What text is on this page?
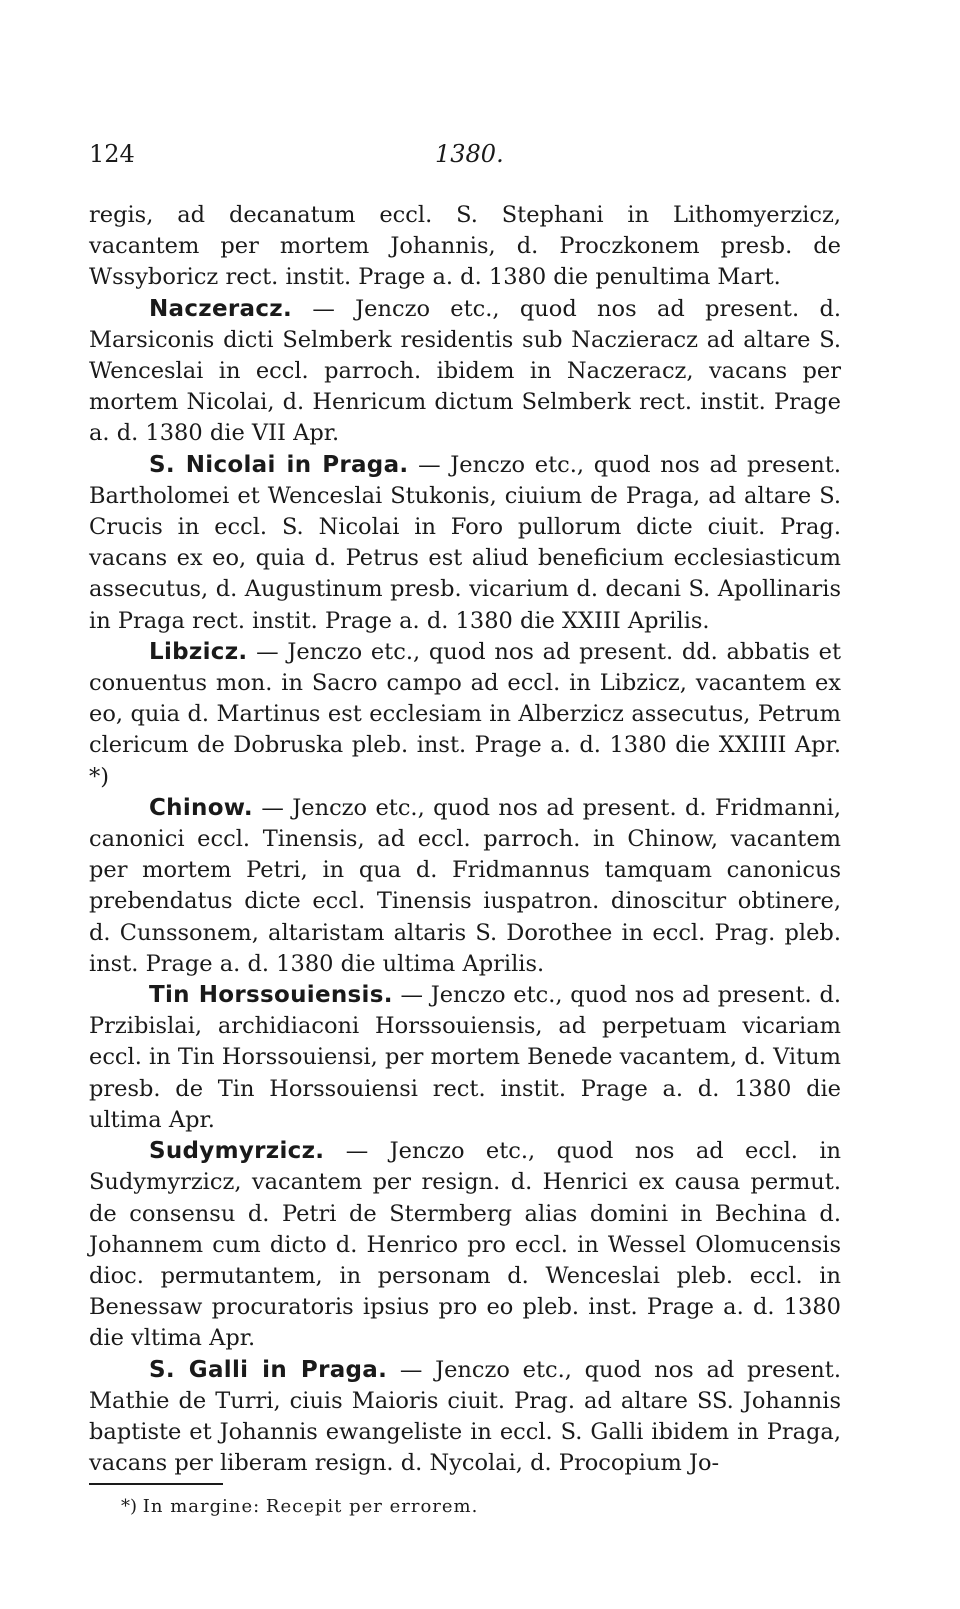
124	1380.

regis, ad decanatum eccl. S. Stephani in Lithomyerzicz, vacantem per mortem Johannis, d. Proczkonem presb. de Wssyboricz rect. instit. Prage a. d. 1380 die penultima Mart.

Naczeracz. — Jenczo etc., quod nos ad present. d. Marsiconis dicti Selmberk residentis sub Naczieracz ad altare S. Wenceslai in eccl. parroch. ibidem in Naczeracz, vacans per mortem Nicolai, d. Henricum dictum Selmberk rect. instit. Prage a. d. 1380 die VII Apr.

S. Nicolai in Praga. — Jenczo etc., quod nos ad present. Bartholomei et Wenceslai Stukonis, ciuium de Praga, ad altare S. Crucis in eccl. S. Nicolai in Foro pullorum dicte ciuit. Prag. vacans ex eo, quia d. Petrus est aliud beneficium ecclesiasticum assecutus, d. Augustinum presb. vicarium d. decani S. Apollinaris in Praga rect. instit. Prage a. d. 1380 die XXIII Aprilis.

Libzicz. — Jenczo etc., quod nos ad present. dd. abbatis et conuentus mon. in Sacro campo ad eccl. in Libzicz, vacantem ex eo, quia d. Martinus est ecclesiam in Alberzicz assecutus, Petrum clericum de Dobruska pleb. inst. Prage a. d. 1380 die XXIIII Apr. *)

Chinow. — Jenczo etc., quod nos ad present. d. Fridmanni, canonici eccl. Tinensis, ad eccl. parroch. in Chinow, vacantem per mortem Petri, in qua d. Fridmannus tamquam canonicus prebendatus dicte eccl. Tinensis iuspatron. dinoscitur obtinere, d. Cunssonem, altaristam altaris S. Dorothee in eccl. Prag. pleb. inst. Prage a. d. 1380 die ultima Aprilis.

Tin Horssouiensis. — Jenczo etc., quod nos ad present. d. Przibislai, archidiaconi Horssouiensis, ad perpetuam vicariam eccl. in Tin Horssouiensi, per mortem Benede vacantem, d. Vitum presb. de Tin Horssouiensi rect. instit. Prage a. d. 1380 die ultima Apr.

Sudymyrzicz. — Jenczo etc., quod nos ad eccl. in Sudymyrzicz, vacantem per resign. d. Henrici ex causa permut. de consensu d. Petri de Stermberg alias domini in Bechina d. Johannem cum dicto d. Henrico pro eccl. in Wessel Olomucensis dioc. permutantem, in personam d. Wenceslai pleb. eccl. in Benessaw procuratoris ipsius pro eo pleb. inst. Prage a. d. 1380 die vltima Apr.

S. Galli in Praga. — Jenczo etc., quod nos ad present. Mathie de Turri, ciuis Maioris ciuit. Prag. ad altare SS. Johannis baptiste et Johannis ewangeliste in eccl. S. Galli ibidem in Praga, vacans per liberam resign. d. Nycolai, d. Procopium Jo-

*) In margine: Recepit per errorem.
